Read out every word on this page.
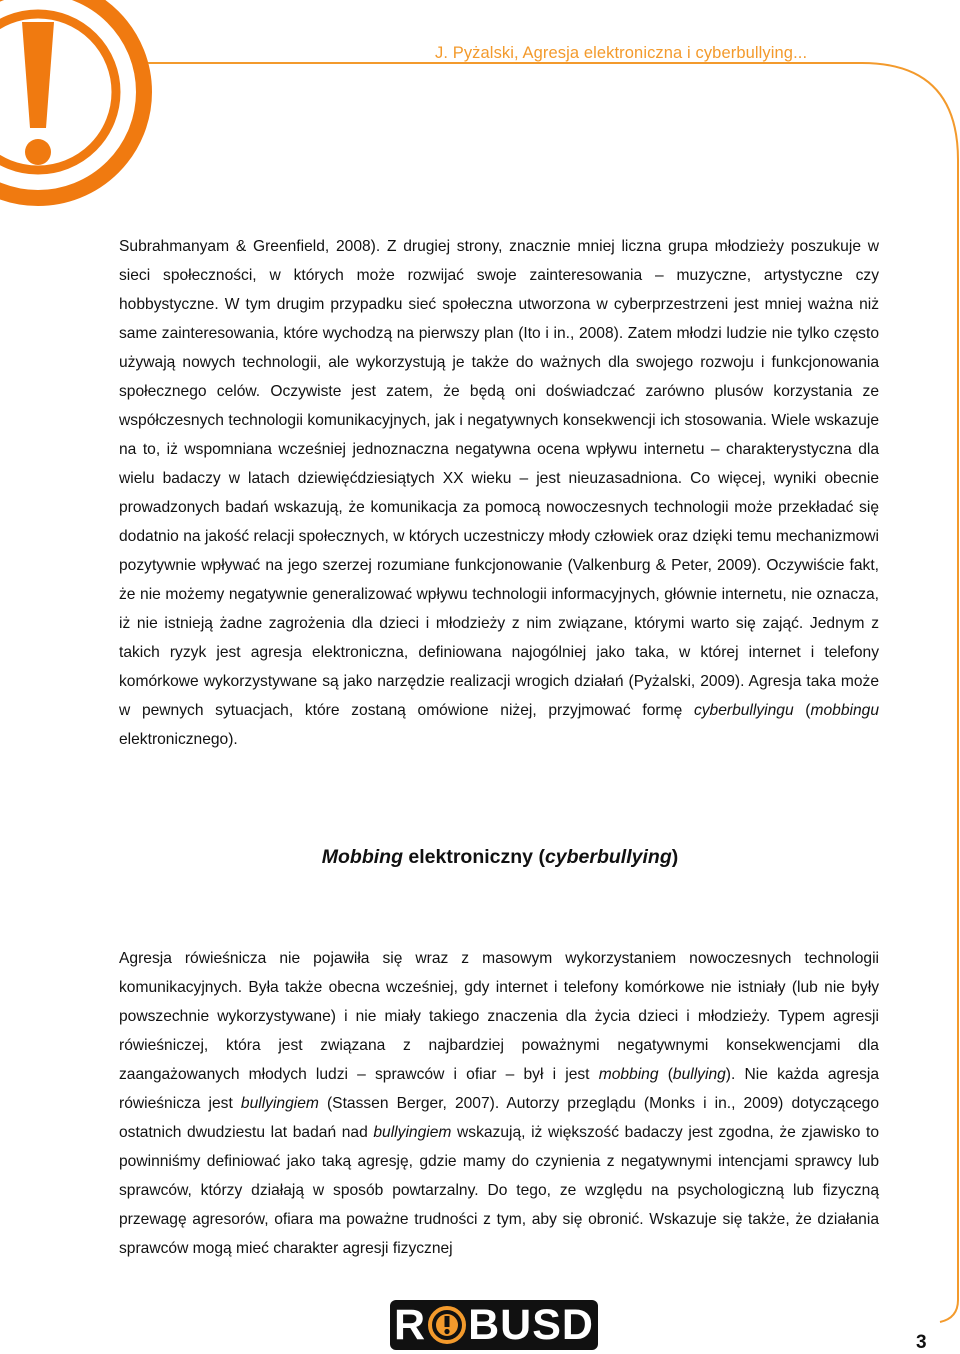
J. Pyżalski, Agresja elektroniczna i cyberbullying...

Subrahmanyam & Greenfield, 2008). Z drugiej strony, znacznie mniej liczna grupa młodzieży poszukuje w sieci społeczności, w których może rozwijać swoje zainteresowania – muzyczne, artystyczne czy hobbystyczne. W tym drugim przypadku sieć społeczna utworzona w cyberprzestrzeni jest mniej ważna niż same zainteresowania, które wychodzą na pierwszy plan (Ito i in., 2008). Zatem młodzi ludzie nie tylko często używają nowych technologii, ale wykorzystują je także do ważnych dla swojego rozwoju i funkcjonowania społecznego celów. Oczywiste jest zatem, że będą oni doświadczać zarówno plusów korzystania ze współczesnych technologii komunikacyjnych, jak i negatywnych konsekwencji ich stosowania. Wiele wskazuje na to, iż wspomniana wcześniej jednoznaczna negatywna ocena wpływu internetu – charakterystyczna dla wielu badaczy w latach dziewięćdziesiątych XX wieku – jest nieuzasadniona. Co więcej, wyniki obecnie prowadzonych badań wskazują, że komunikacja za pomocą nowoczesnych technologii może przekładać się dodatnio na jakość relacji społecznych, w których uczestniczy młody człowiek oraz dzięki temu mechanizmowi pozytywnie wpływać na jego szerzej rozumiane funkcjonowanie (Valkenburg & Peter, 2009). Oczywiście fakt, że nie możemy negatywnie generalizować wpływu technologii informacyjnych, głównie internetu, nie oznacza, iż nie istnieją żadne zagrożenia dla dzieci i młodzieży z nim związane, którymi warto się zająć. Jednym z takich ryzyk jest agresja elektroniczna, definiowana najogólniej jako taka, w której internet i telefony komórkowe wykorzystywane są jako narzędzie realizacji wrogich działań (Pyżalski, 2009). Agresja taka może w pewnych sytuacjach, które zostaną omówione niżej, przyjmować formę cyberbullyingu (mobbingu elektronicznego).

Mobbing elektroniczny (cyberbullying)

Agresja rówieśnicza nie pojawiła się wraz z masowym wykorzystaniem nowoczesnych technologii komunikacyjnych. Była także obecna wcześniej, gdy internet i telefony komórkowe nie istniały (lub nie były powszechnie wykorzystywane) i nie miały takiego znaczenia dla życia dzieci i młodzieży. Typem agresji rówieśniczej, która jest związana z najbardziej poważnymi negatywnymi konsekwencjami dla zaangażowanych młodych ludzi – sprawców i ofiar – był i jest mobbing (bullying). Nie każda agresja rówieśnicza jest bullyingiem (Stassen Berger, 2007). Autorzy przeglądu (Monks i in., 2009) dotyczącego ostatnich dwudziestu lat badań nad bullyingiem wskazują, iż większość badaczy jest zgodna, że zjawisko to powinniśmy definiować jako taką agresję, gdzie mamy do czynienia z negatywnymi intencjami sprawcy lub sprawców, którzy działają w sposób powtarzalny. Do tego, ze względu na psychologiczną lub fizyczną przewagę agresorów, ofiara ma poważne trudności z tym, aby się obronić. Wskazuje się także, że działania sprawców mogą mieć charakter agresji fizycznej

R BUSD	3
